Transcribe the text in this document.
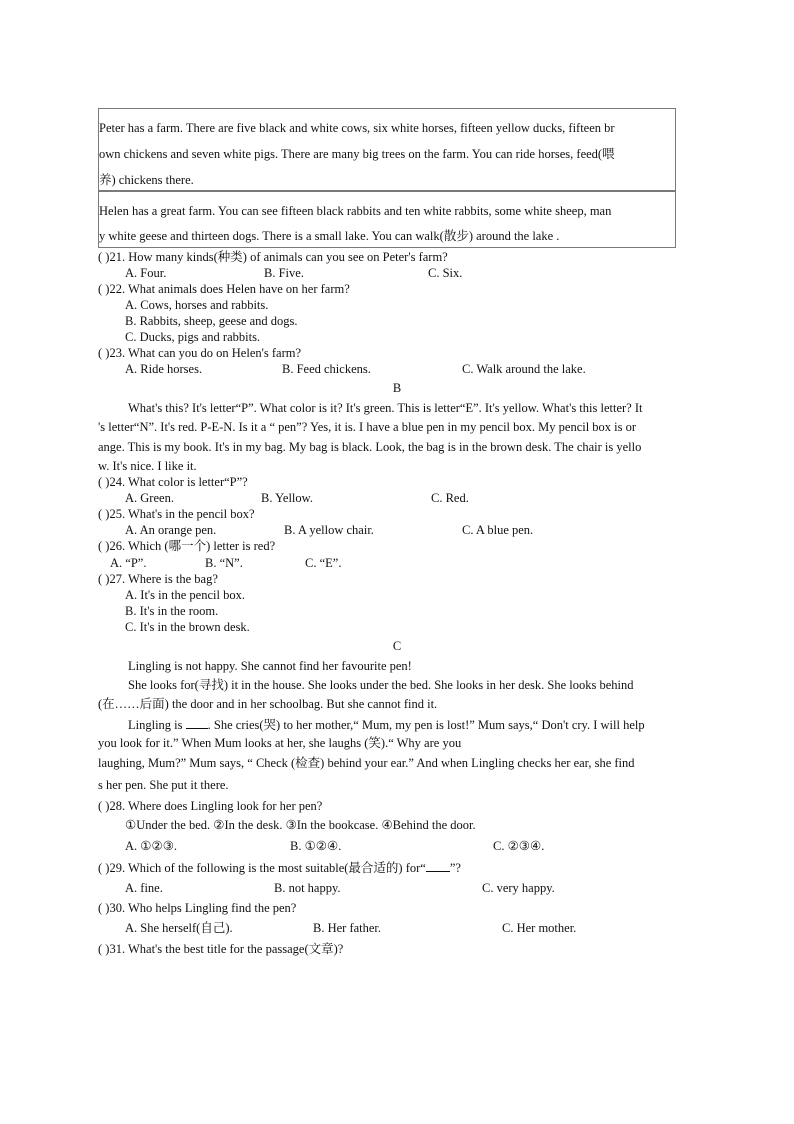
Peter has a farm. There are five black and white cows, six white horses, fifteen yellow ducks, fifteen br
own chickens and seven white pigs. There are many big trees on the farm. You can ride horses, feed(喂
养) chickens there.
Helen has a great farm. You can see fifteen black rabbits and ten white rabbits, some white sheep, man
y white geese and thirteen dogs. There is a small lake. You can walk(散步) around the lake .
( )21. How many kinds(种类) of animals can you see on Peter's farm?
A. Four.	B. Five.	C. Six.
( )22. What animals does Helen have on her farm?
A. Cows, horses and rabbits.
B. Rabbits, sheep, geese and dogs.
C. Ducks, pigs and rabbits.
( )23. What can you do on Helen's farm?
A. Ride horses.	B. Feed chickens.	C. Walk around the lake.
B
What's this? It's letter“P”. What color is it? It's green. This is letter“E”. It's yellow. What's this letter? It
's letter“N”. It's red. P-E-N. Is it a “ pen”? Yes, it is. I have a blue pen in my pencil box. My pencil box is or
ange. This is my book. It's in my bag. My bag is black. Look, the bag is in the brown desk. The chair is yello
w. It's nice. I like it.
( )24. What color is letter“P”?
A. Green.	B. Yellow.	C. Red.
( )25. What's in the pencil box?
A. An orange pen.	B. A yellow chair.	C. A blue pen.
( )26. Which (哪一个) letter is red?
A. “P”.	B. “N”.	C. “E”.
( )27. Where is the bag?
A. It's in the pencil box.
B. It's in the room.
C. It's in the brown desk.
C
Lingling is not happy. She cannot find her favourite pen!
She looks for(寻找) it in the house. She looks under the bed. She looks in her desk. She looks behind
(在……后面) the door and in her schoolbag. But she cannot find it.
Lingling is . She cries(哭) to her mother,“ Mum, my pen is lost!” Mum says,“ Don't cry. I will help
you look for it.” When Mum looks at her, she laughs (笑).“ Why are you
laughing, Mum?” Mum says, “ Check (检查) behind your ear.” And when Lingling checks her ear, she find
s her pen. She put it there.
( )28. Where does Lingling look for her pen?
①Under the bed. ②In the desk. ③In the bookcase. ④Behind the door.
A. ①②③.	B. ①②④.	C. ②③④.
( )29. Which of the following is the most suitable(最合适的) for“ ”?
A. fine.	B. not happy.	C. very happy.
( )30. Who helps Lingling find the pen?
A. She herself(自己).	B. Her father.	C. Her mother.
( )31. What's the best title for the passage(文章)?
